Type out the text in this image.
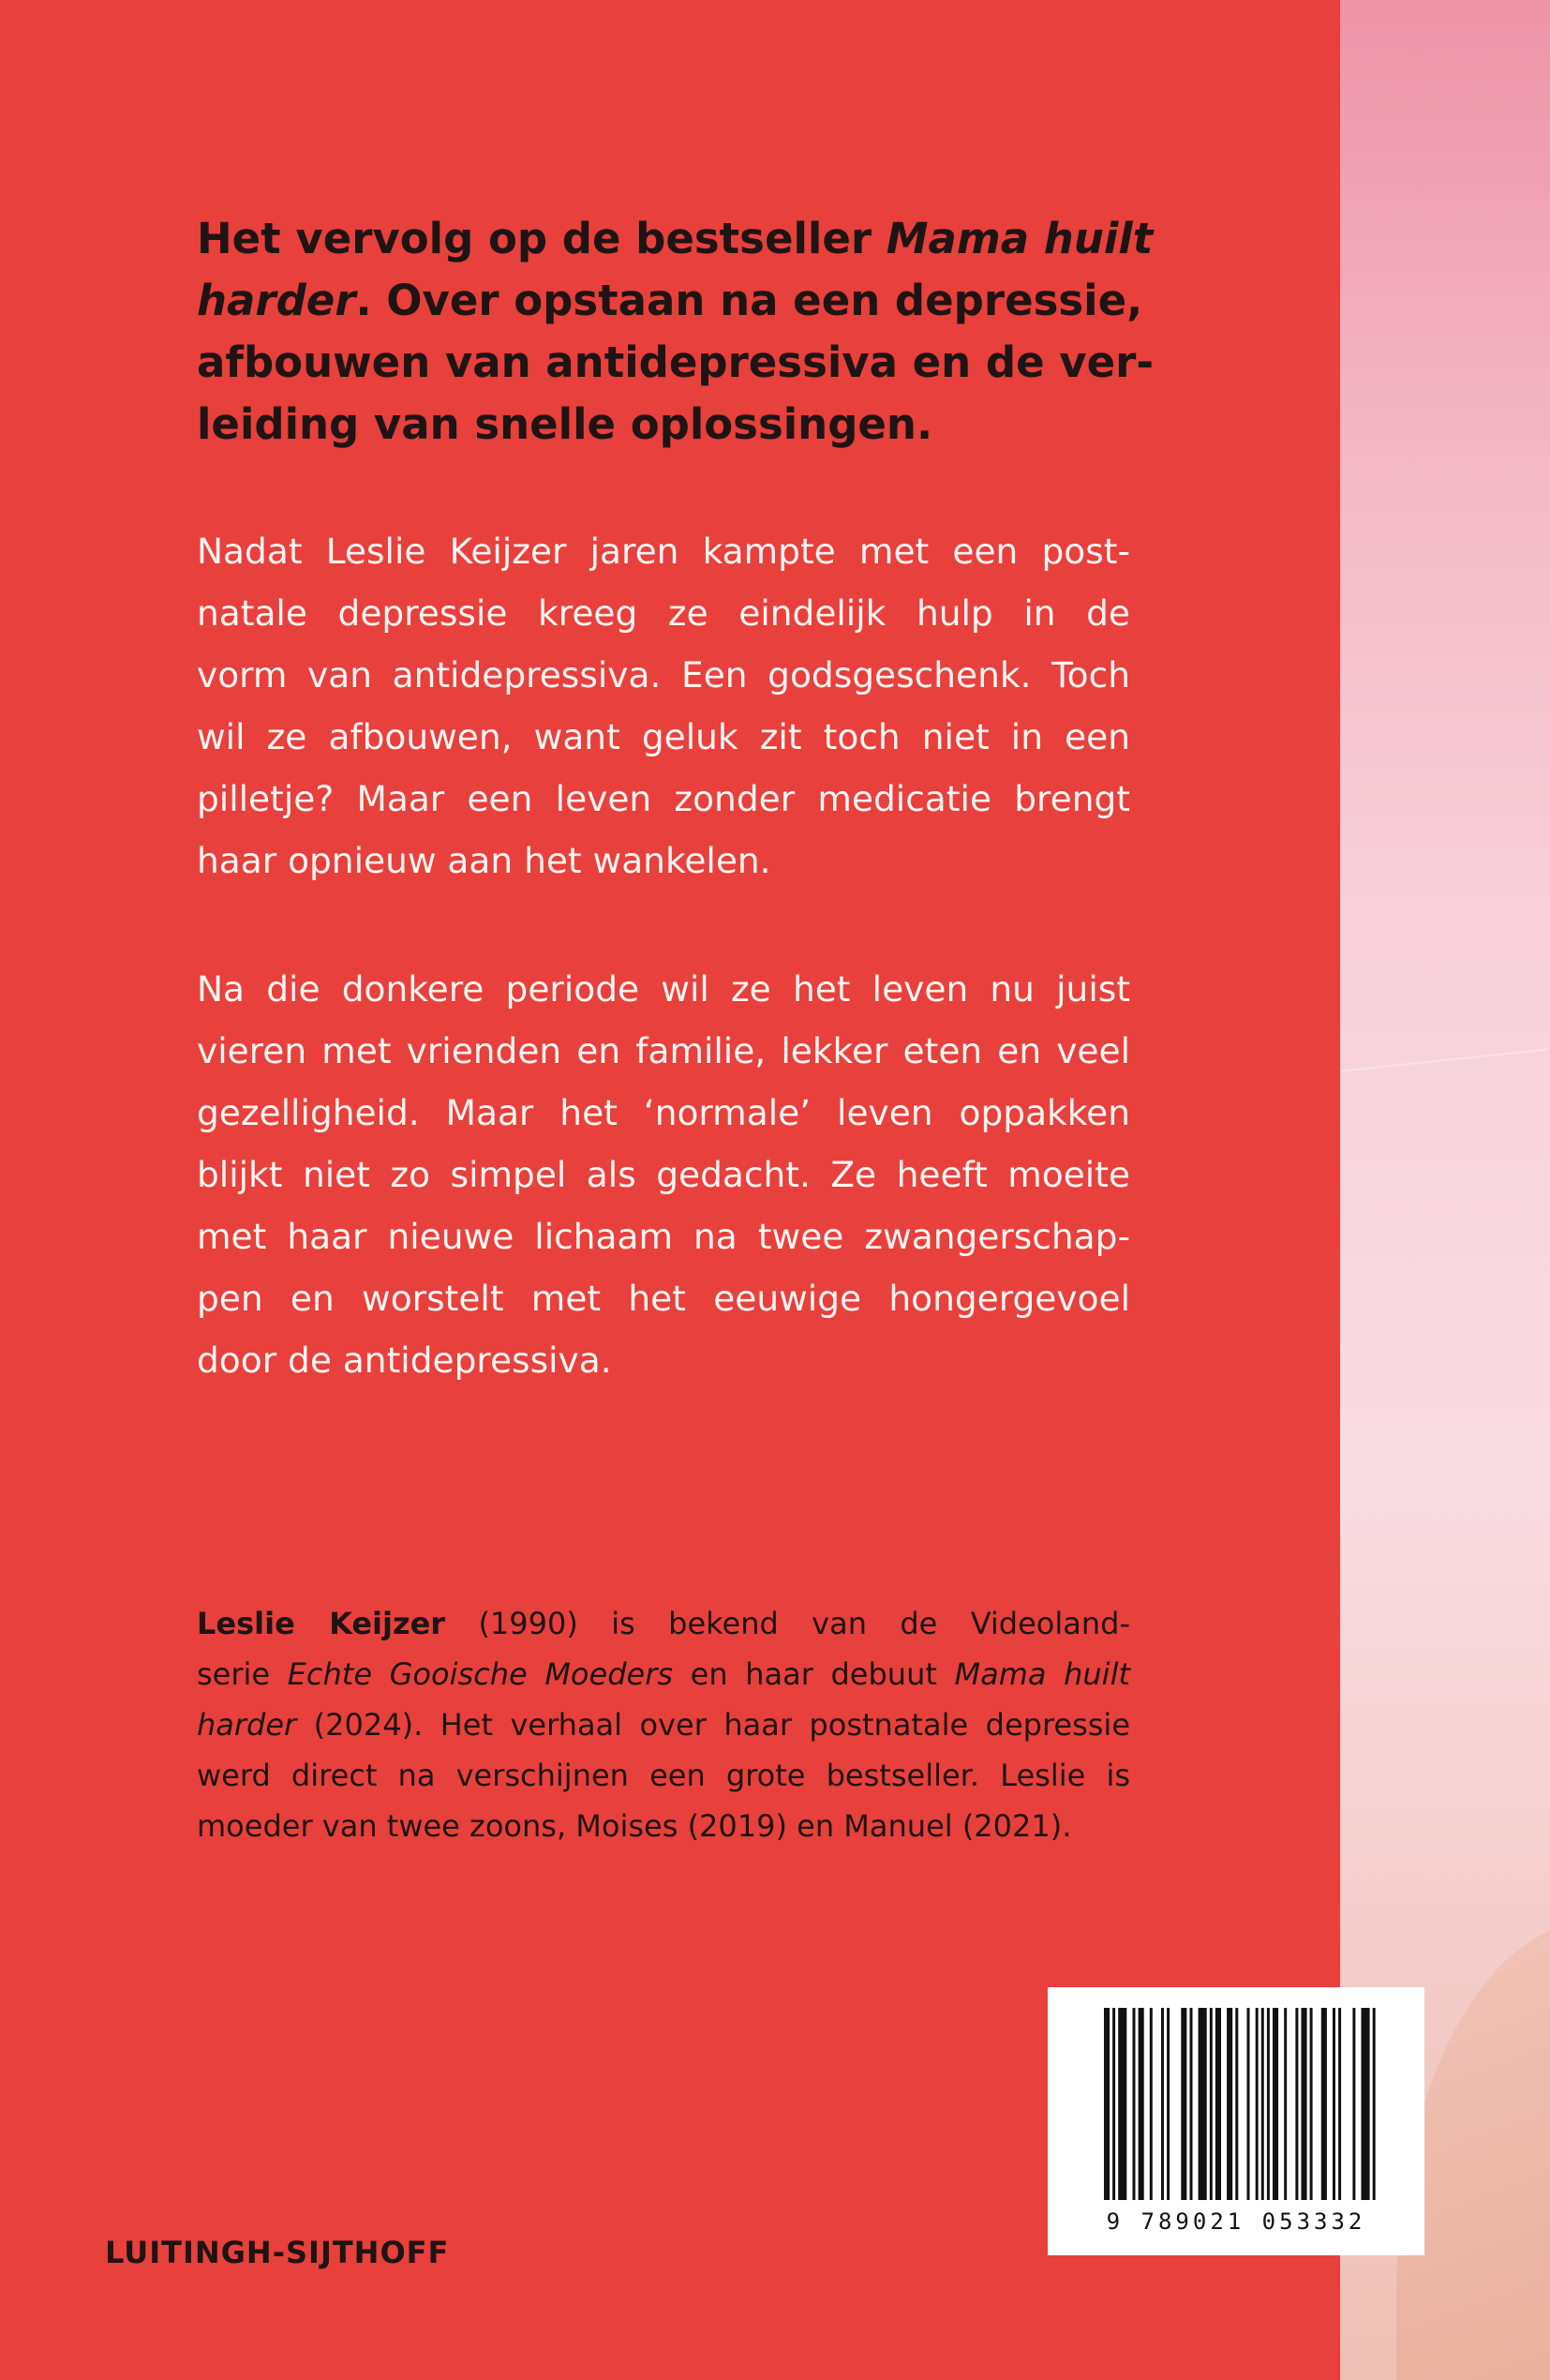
Het vervolg op de bestseller Mama huilt
harder. Over opstaan na een depressie,
afbouwen van antidepressiva en de ver-
leiding van snelle oplossingen.
Nadat Leslie Keijzer jaren kampte met een post-
natale depressie kreeg ze eindelijk hulp in de
vorm van antidepressiva. Een godsgeschenk. Toch
wil ze afbouwen, want geluk zit toch niet in een
pilletje? Maar een leven zonder medicatie brengt
haar opnieuw aan het wankelen.
Na die donkere periode wil ze het leven nu juist
vieren met vrienden en familie, lekker eten en veel
gezelligheid. Maar het ‘normale’ leven oppakken
blijkt niet zo simpel als gedacht. Ze heeft moeite
met haar nieuwe lichaam na twee zwangerschap-
pen en worstelt met het eeuwige hongergevoel
door de antidepressiva.
Leslie Keijzer (1990) is bekend van de Videoland-
serie Echte Gooische Moeders en haar debuut Mama huilt
harder (2024). Het verhaal over haar postnatale depressie
werd direct na verschijnen een grote bestseller. Leslie is
moeder van twee zoons, Moises (2019) en Manuel (2021).
LUITINGH-SIJTHOFF
9 789021 053332
